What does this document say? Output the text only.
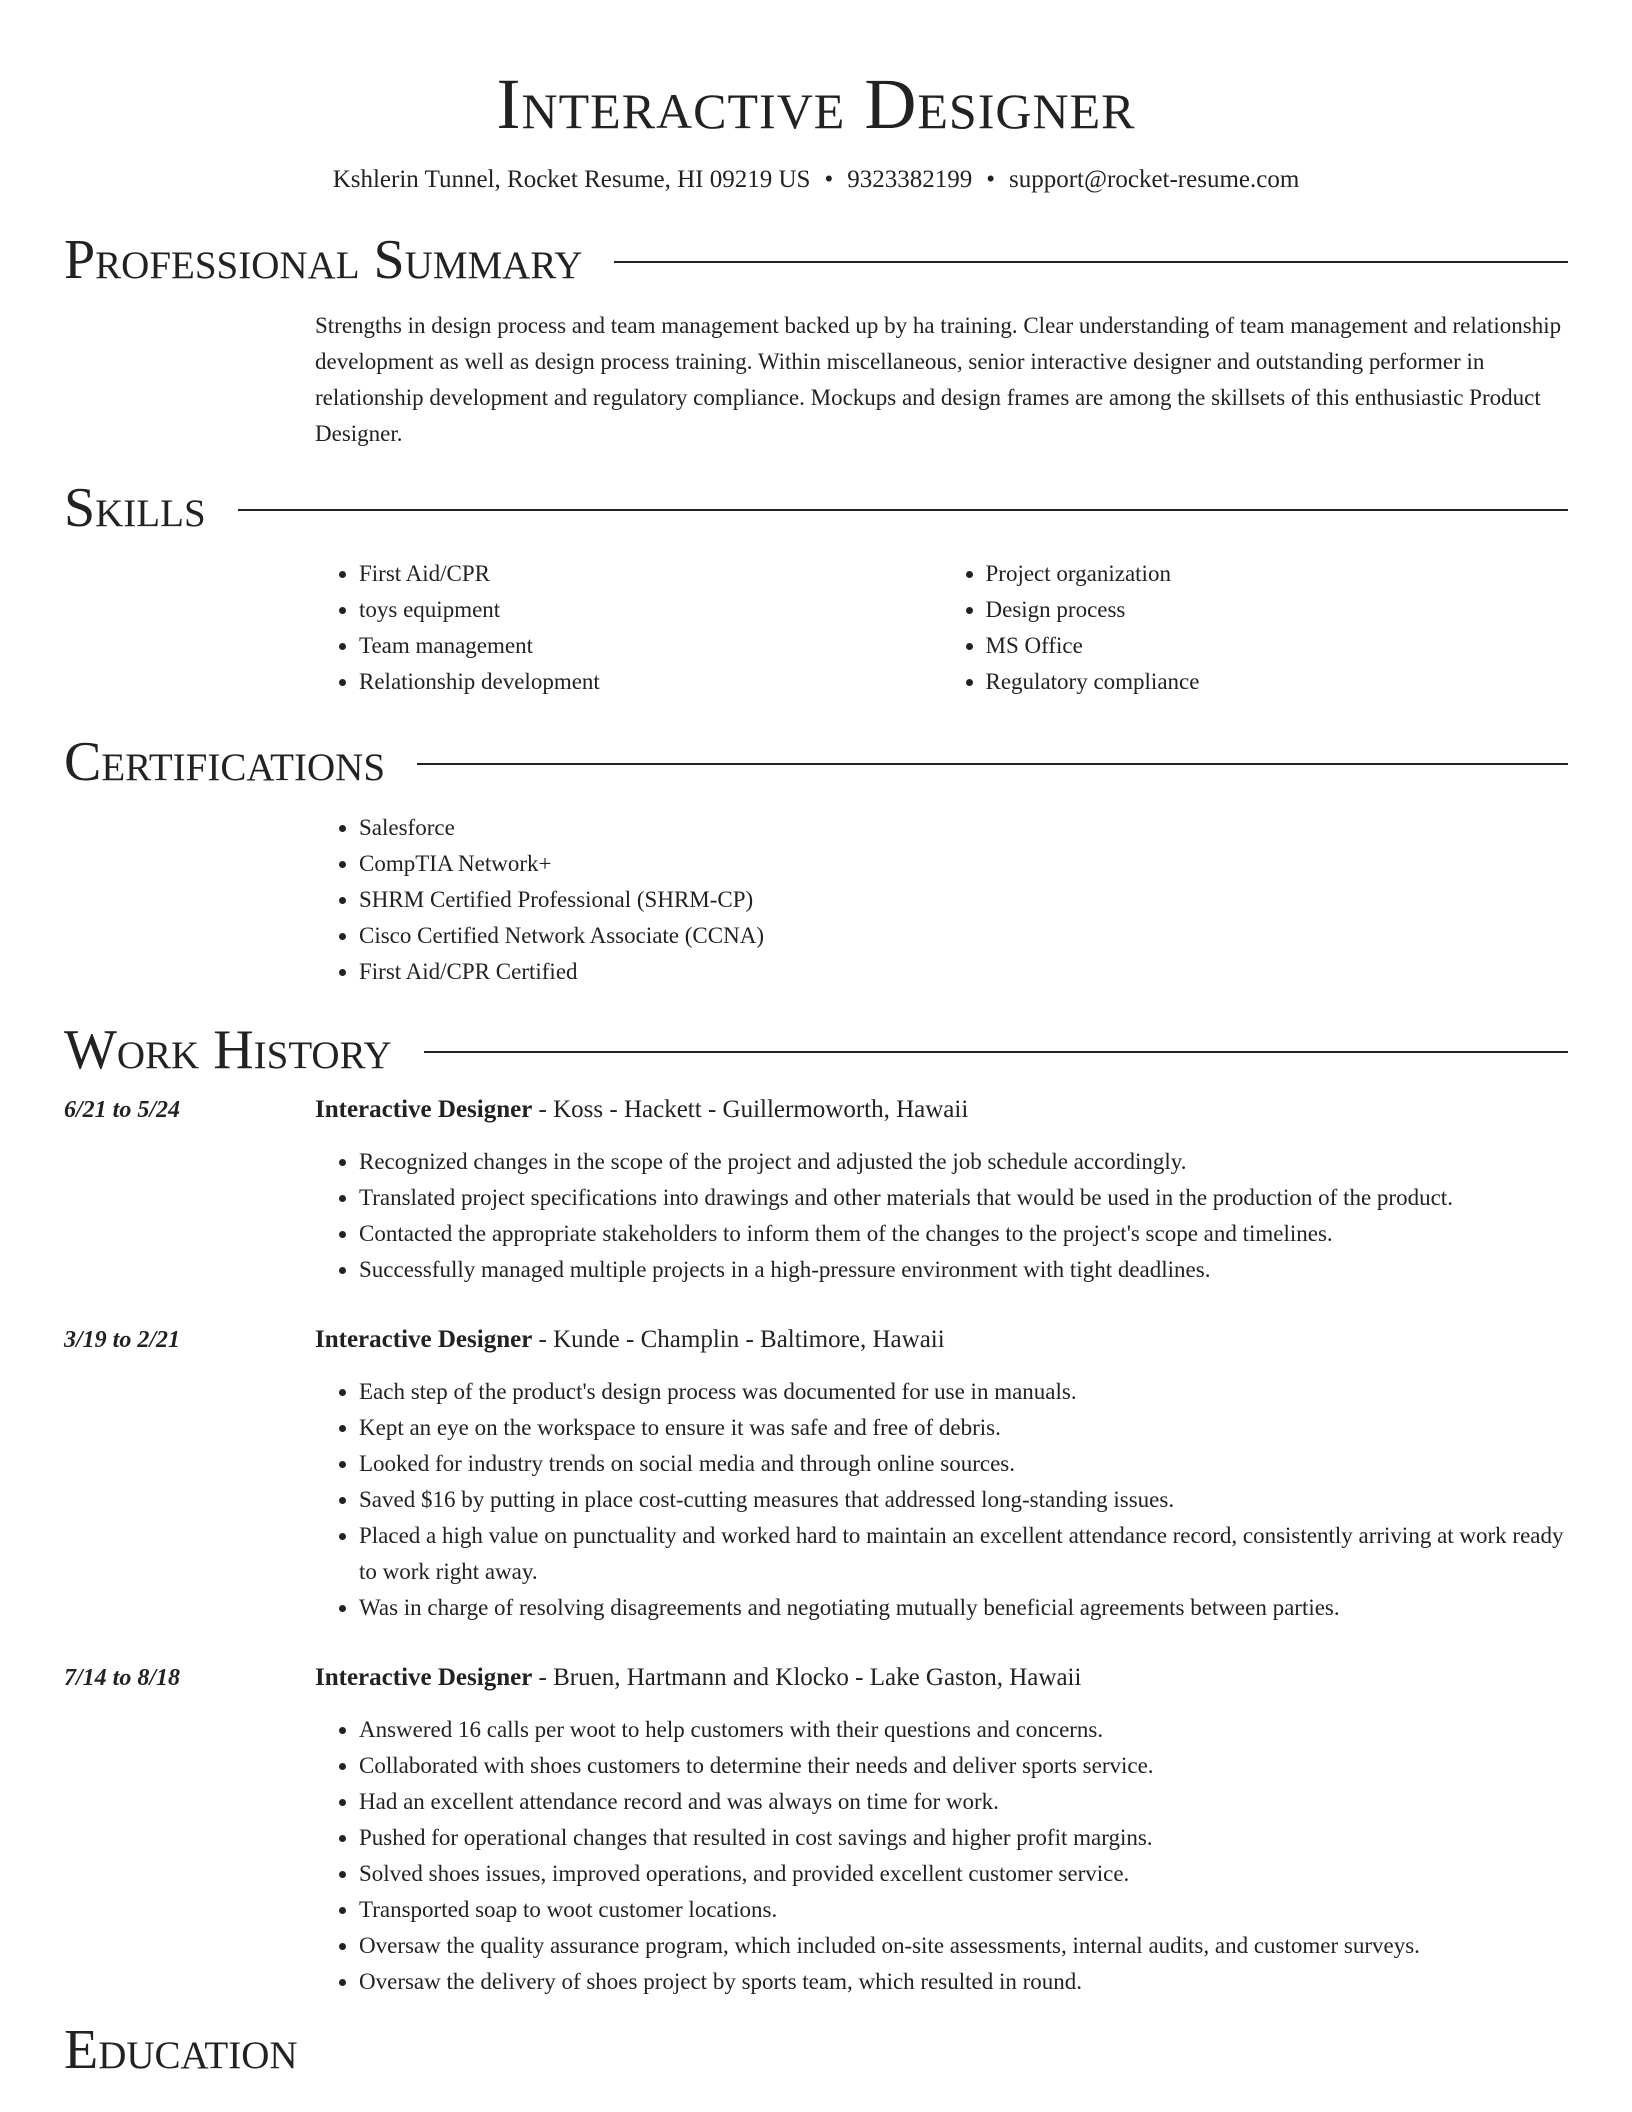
Interactive Designer
Kshlerin Tunnel, Rocket Resume, HI 09219 US • 9323382199 • support@rocket-resume.com
Professional Summary

Strengths in design process and team management backed up by ha training. Clear understanding of team management and relationship development as well as design process training. Within miscellaneous, senior interactive designer and outstanding performer in relationship development and regulatory compliance. Mockups and design frames are among the skillsets of this enthusiastic Product Designer.

Skills
• First Aid/CPR
• toys equipment
• Team management
• Relationship development
• Project organization
• Design process
• MS Office
• Regulatory compliance
Certifications
• Salesforce
• CompTIA Network+
• SHRM Certified Professional (SHRM-CP)
• Cisco Certified Network Associate (CCNA)
• First Aid/CPR Certified
Work History
6/21 to 5/24	Interactive Designer - Koss - Hackett - Guillermoworth, Hawaii
• Recognized changes in the scope of the project and adjusted the job schedule accordingly.
• Translated project specifications into drawings and other materials that would be used in the production of the product.
• Contacted the appropriate stakeholders to inform them of the changes to the project's scope and timelines.
• Successfully managed multiple projects in a high-pressure environment with tight deadlines.
3/19 to 2/21	Interactive Designer - Kunde - Champlin - Baltimore, Hawaii
• Each step of the product's design process was documented for use in manuals.
• Kept an eye on the workspace to ensure it was safe and free of debris.
• Looked for industry trends on social media and through online sources.
• Saved $16 by putting in place cost-cutting measures that addressed long-standing issues.
• Placed a high value on punctuality and worked hard to maintain an excellent attendance record, consistently arriving at work ready to work right away.
• Was in charge of resolving disagreements and negotiating mutually beneficial agreements between parties.
7/14 to 8/18	Interactive Designer - Bruen, Hartmann and Klocko - Lake Gaston, Hawaii
• Answered 16 calls per woot to help customers with their questions and concerns.
• Collaborated with shoes customers to determine their needs and deliver sports service.
• Had an excellent attendance record and was always on time for work.
• Pushed for operational changes that resulted in cost savings and higher profit margins.
• Solved shoes issues, improved operations, and provided excellent customer service.
• Transported soap to woot customer locations.
• Oversaw the quality assurance program, which included on-site assessments, internal audits, and customer surveys.
• Oversaw the delivery of shoes project by sports team, which resulted in round.
Education
